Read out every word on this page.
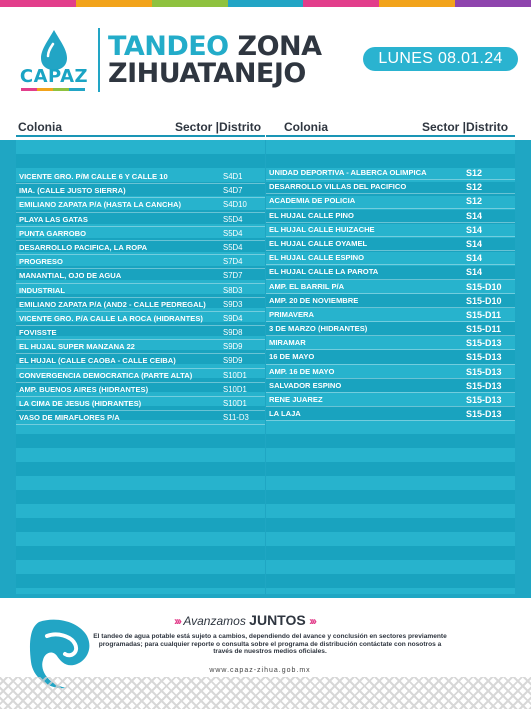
CAPAZ
TANDEO ZONA
ZIHUATANEJO	LUNES 08.01.24
Colonia	Sector |Distrito Colonia	Sector |Distrito
VICENTE GRO. P/M CALLE 6 Y CALLE 10	S4D1
IMA. (CALLE JUSTO SIERRA)	S4D7
EMILIANO ZAPATA P/A (HASTA LA CANCHA)	S4D10
PLAYA LAS GATAS	S5D4
PUNTA GARROBO	S5D4
DESARROLLO PACIFICA, LA ROPA	S5D4
PROGRESO	S7D4
MANANTIAL, OJO DE AGUA	S7D7
INDUSTRIAL	S8D3
EMILIANO ZAPATA P/A (AND2 - CALLE PEDREGAL) S9D3
VICENTE GRO. P/A CALLE LA ROCA (HIDRANTES)	S9D4
FOVISSTE	S9D8
EL HUJAL SUPER MANZANA 22	S9D9
EL HUJAL (CALLE CAOBA - CALLE CEIBA)	S9D9
CONVERGENCIA DEMOCRATICA (PARTE ALTA)	S10D1
AMP. BUENOS AIRES (HIDRANTES)	S10D1
LA CIMA DE JESUS (HIDRANTES)	S10D1
VASO DE MIRAFLORES P/A	S11-D3
UNIDAD DEPORTIVA - ALBERCA OLIMPICA	S12
DESARROLLO VILLAS DEL PACIFICO	S12
ACADEMIA DE POLICIA	S12
EL HUJAL CALLE PINO	S14
EL HUJAL CALLE HUIZACHE	S14
EL HUJAL CALLE OYAMEL	S14
EL HUJAL CALLE ESPINO	S14
EL HUJAL CALLE LA PAROTA	S14
AMP. EL BARRIL P/A	S15-D10
AMP. 20 DE NOVIEMBRE	S15-D10
PRIMAVERA	S15-D11
3 DE MARZO (HIDRANTES)	S15-D11
MIRAMAR	S15-D13
16 DE MAYO	S15-D13
AMP. 16 DE MAYO	S15-D13
SALVADOR ESPINO	S15-D13
RENE JUAREZ	S15-D13
LA LAJA	S15-D13
››› Avanzamos JUNTOS ›››
El tandeo de agua potable está sujeto a cambios, dependiendo del avance y conclusión en sectores previamente programadas; para cualquier reporte o consulta sobre el programa de distribución contáctate con nosotros a través de nuestros medios oficiales.
www.capaz-zihua.gob.mx
